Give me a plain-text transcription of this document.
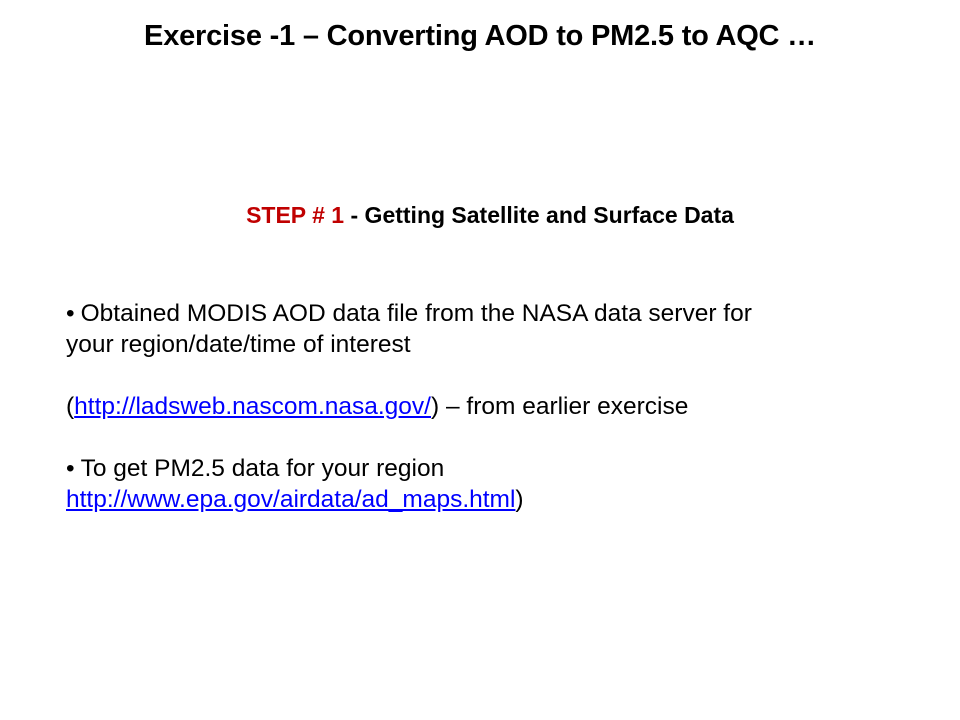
Exercise -1 – Converting AOD to PM2.5 to AQC …
STEP # 1 - Getting Satellite and Surface Data

• Obtained MODIS AOD data file from the NASA data server for

your region/date/time of interest

(http://ladsweb.nascom.nasa.gov/) – from earlier exercise

• To get PM2.5 data for your region

http://www.epa.gov/airdata/ad_maps.html)
